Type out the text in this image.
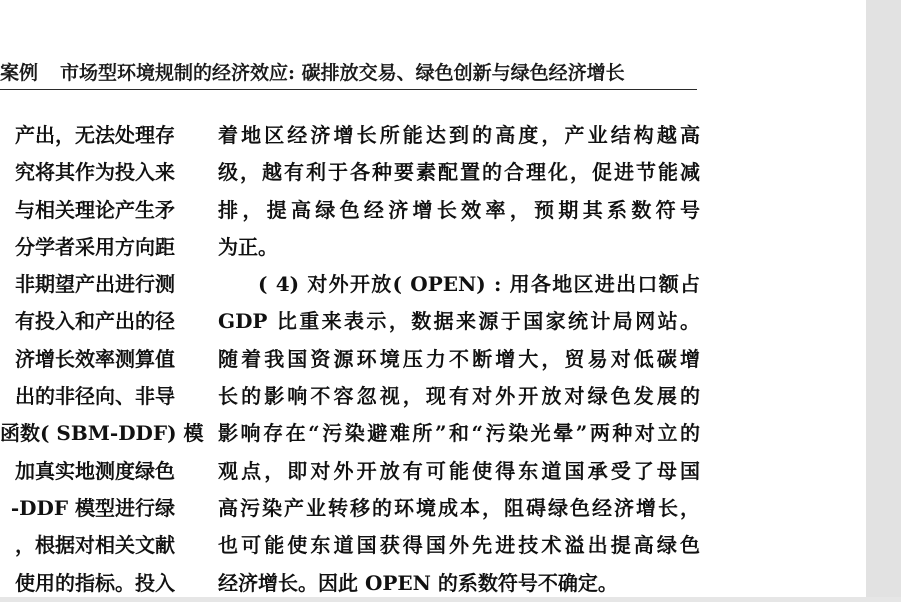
案例 市场型环境规制的经济效应: 碳排放交易、绿色创新与绿色经济增长
产出，无法处理存
究将其作为投入来
与相关理论产生矛
分学者采用方向距
非期望产出进行测
有投入和产出的径
济增长效率测算值
出的非径向、非导
函数( SBM-DDF) 模
加真实地测度绿色
-DDF 模型进行绿
，根据对相关文献
使用的指标。投入
着地区经济增长所能达到的高度，产业结构越高
级，越有利于各种要素配置的合理化，促进节能减
排，提高绿色经济增长效率，预期其系数符号
为正。
( 4) 对外开放( OPEN) : 用各地区进出口额占
GDP 比重来表示，数据来源于国家统计局网站。
随着我国资源环境压力不断增大，贸易对低碳增
长的影响不容忽视，现有对外开放对绿色发展的
影响存在“污染避难所”和“污染光晕”两种对立的
观点，即对外开放有可能使得东道国承受了母国
高污染产业转移的环境成本，阻碍绿色经济增长，
也可能使东道国获得国外先进技术溢出提高绿色
经济增长。因此 OPEN 的系数符号不确定。
